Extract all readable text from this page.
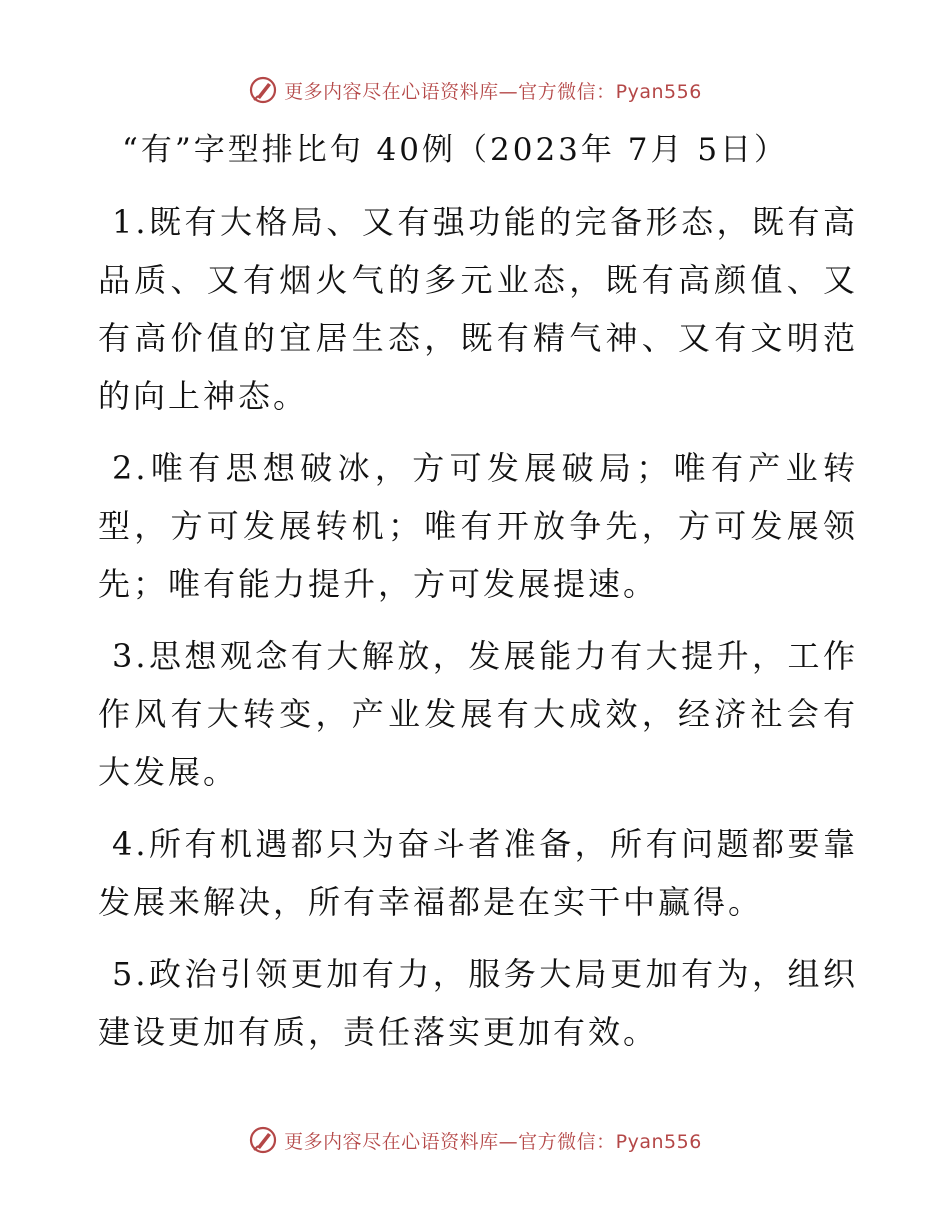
更多内容尽在心语资料库—官方微信：Pyan556
“有”字型排比句 40例（2023年 7月 5日）

1.既有大格局、又有强功能的完备形态，既有高品质、又有烟火气的多元业态，既有高颜值、又有高价值的宜居生态，既有精气神、又有文明范的向上神态。

2.唯有思想破冰，方可发展破局；唯有产业转型，方可发展转机；唯有开放争先，方可发展领先；唯有能力提升，方可发展提速。

3.思想观念有大解放，发展能力有大提升，工作作风有大转变，产业发展有大成效，经济社会有大发展。

4.所有机遇都只为奋斗者准备，所有问题都要靠发展来解决，所有幸福都是在实干中赢得。

5.政治引领更加有力，服务大局更加有为，组织建设更加有质，责任落实更加有效。

更多内容尽在心语资料库—官方微信：Pyan556
